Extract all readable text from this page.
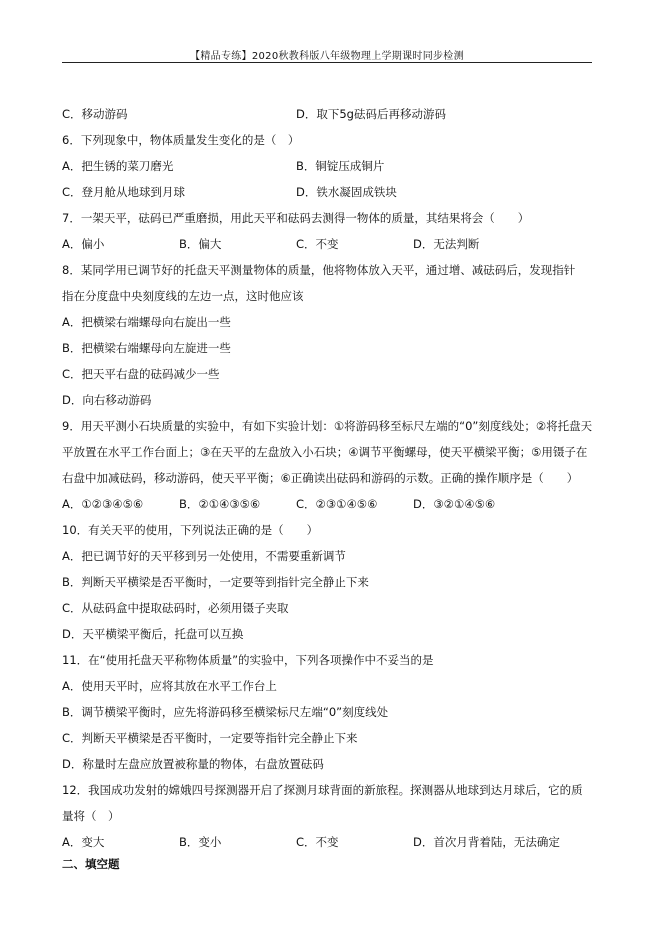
【精品专练】2020秋教科版八年级物理上学期课时同步检测
C．移动游码	D．取下5g砝码后再移动游码
6．下列现象中，物体质量发生变化的是（　）
A．把生锈的菜刀磨光	B．铜锭压成铜片
C．登月舱从地球到月球	D．铁水凝固成铁块
7．一架天平，砝码已严重磨损，用此天平和砝码去测得一物体的质量，其结果将会（　　）
A．偏小	B．偏大	C．不变	D．无法判断
8．某同学用已调节好的托盘天平测量物体的质量，他将物体放入天平，通过增、减砝码后，发现指针
指在分度盘中央刻度线的左边一点，这时他应该
A．把横梁右端螺母向右旋出一些
B．把横梁右端螺母向左旋进一些
C．把天平右盘的砝码减少一些
D．向右移动游码
9．用天平测小石块质量的实验中，有如下实验计划：①将游码移至标尺左端的“0”刻度线处；②将托盘天
平放置在水平工作台面上；③在天平的左盘放入小石块；④调节平衡螺母，使天平横梁平衡；⑤用镊子在
右盘中加减砝码，移动游码，使天平平衡；⑥正确读出砝码和游码的示数。正确的操作顺序是（　　）
A．①②③④⑤⑥	B．②①④③⑤⑥	C．②③①④⑤⑥	D．③②①④⑤⑥
10．有关天平的使用，下列说法正确的是（　　）
A．把已调节好的天平移到另一处使用，不需要重新调节
B．判断天平横梁是否平衡时，一定要等到指针完全静止下来
C．从砝码盒中提取砝码时，必须用镊子夹取
D．天平横梁平衡后，托盘可以互换
11．在“使用托盘天平称物体质量”的实验中，下列各项操作中不妥当的是
A．使用天平时，应将其放在水平工作台上
B．调节横梁平衡时，应先将游码移至横梁标尺左端“0”刻度线处
C．判断天平横梁是否平衡时，一定要等指针完全静止下来
D．称量时左盘应放置被称量的物体，右盘放置砝码
12．我国成功发射的嫦娥四号探测器开启了探测月球背面的新旅程。探测器从地球到达月球后，它的质
量将（　）
A．变大	B．变小	C．不变	D．首次月背着陆，无法确定
二、填空题
